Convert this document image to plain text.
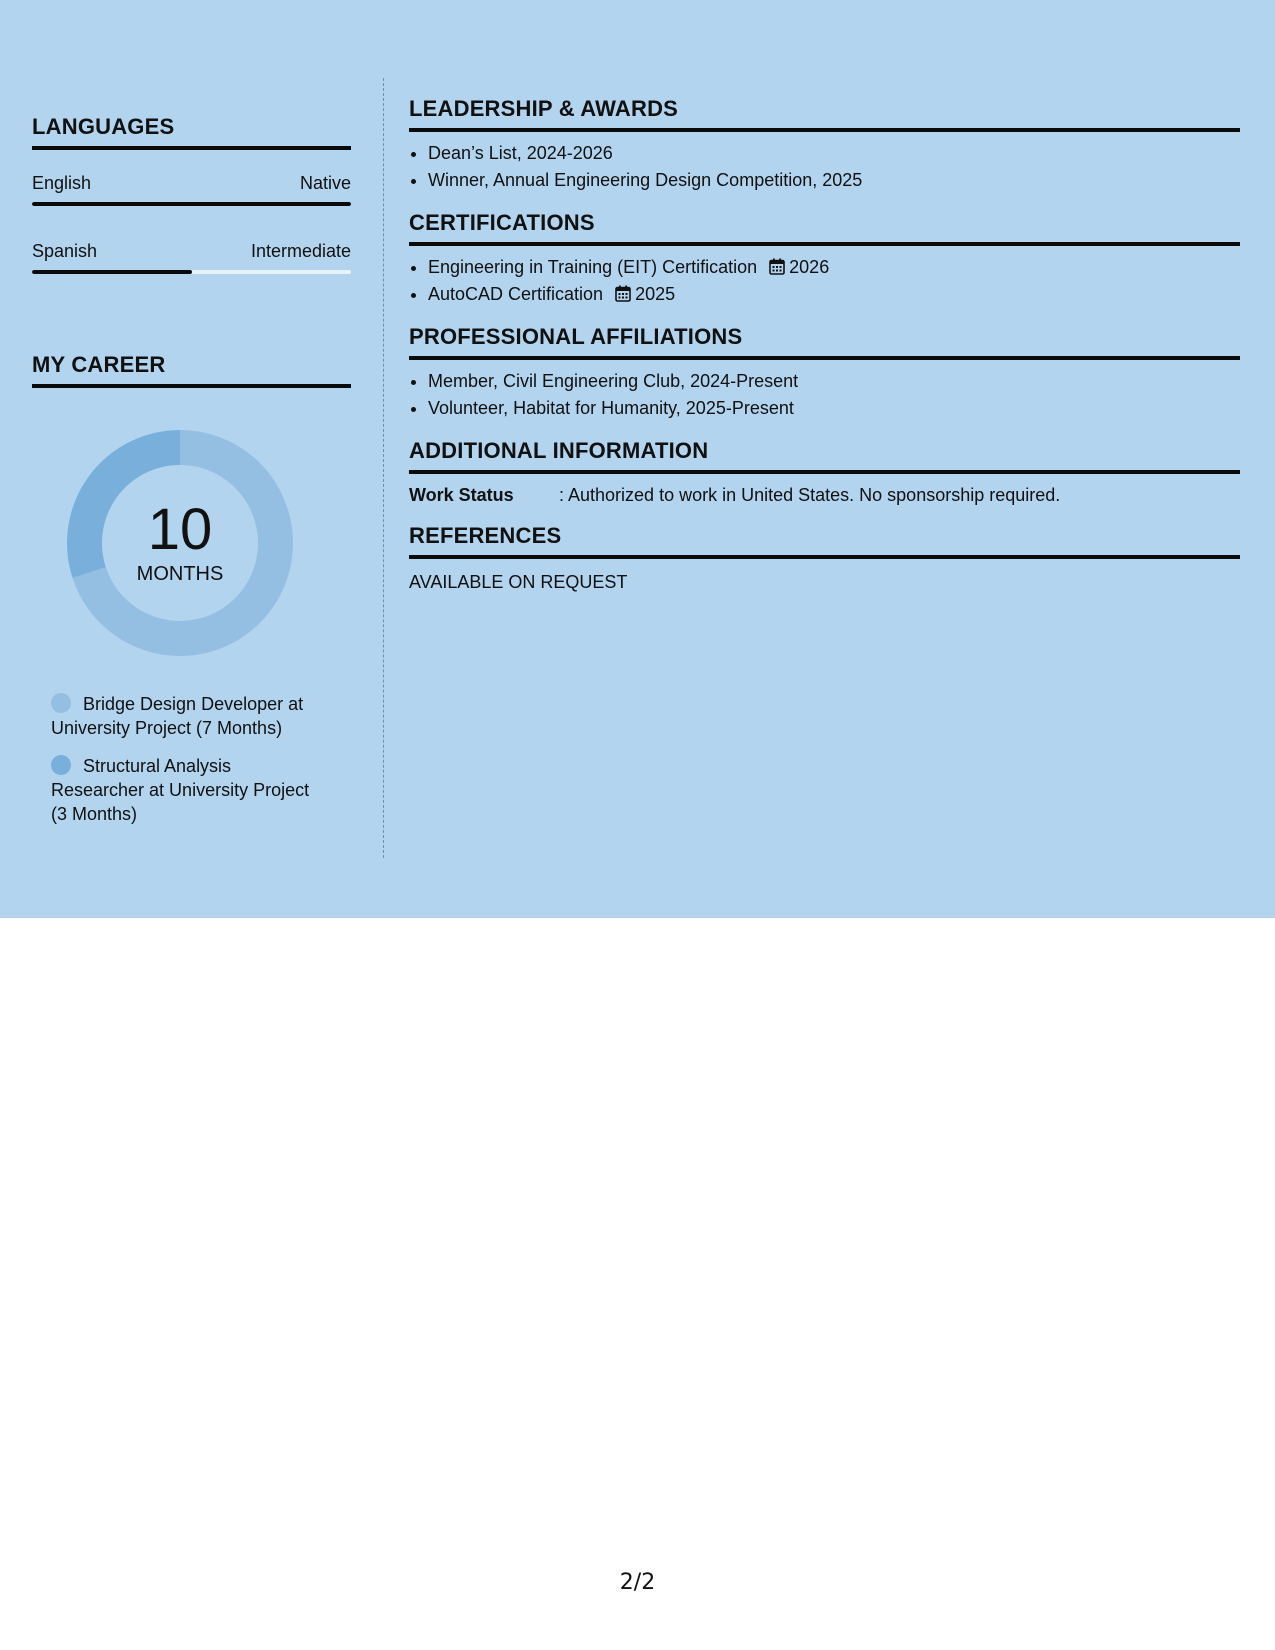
LANGUAGES
English	Native
Spanish	Intermediate
MY CAREER
10
MONTHS
Bridge Design Developer at University Project (7 Months)
Structural Analysis Researcher at University Project (3 Months)
LEADERSHIP & AWARDS
• Dean’s List, 2024-2026
• Winner, Annual Engineering Design Competition, 2025
CERTIFICATIONS
• Engineering in Training (EIT) Certification 2026
• AutoCAD Certification 2025
PROFESSIONAL AFFILIATIONS
• Member, Civil Engineering Club, 2024-Present
• Volunteer, Habitat for Humanity, 2025-Present
ADDITIONAL INFORMATION
Work Status	: Authorized to work in United States. No sponsorship required.
REFERENCES
AVAILABLE ON REQUEST
2/2
